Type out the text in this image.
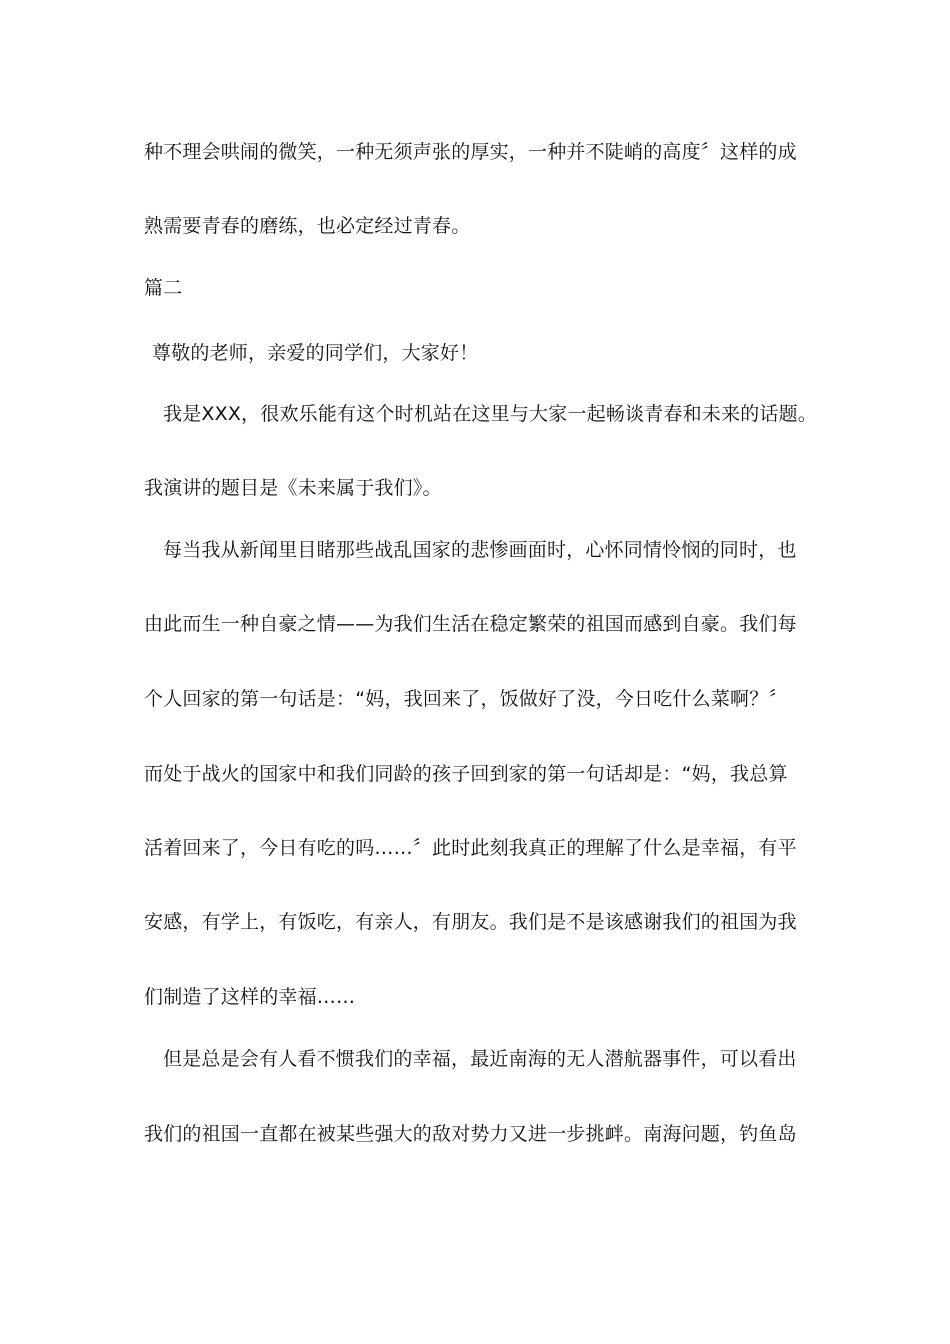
种不理会哄闹的微笑，一种无须声张的厚实，一种并不陡峭的高度〞这样的成
熟需要青春的磨练，也必定经过青春。
篇二
尊敬的老师，亲爱的同学们，大家好！
我是XXX，很欢乐能有这个时机站在这里与大家一起畅谈青春和未来的话题。
我演讲的题目是《未来属于我们》。
每当我从新闻里目睹那些战乱国家的悲惨画面时，心怀同情怜悯的同时，也
由此而生一种自豪之情——为我们生活在稳定繁荣的祖国而感到自豪。我们每
个人回家的第一句话是：“妈，我回来了，饭做好了没，今日吃什么菜啊？〞
而处于战火的国家中和我们同龄的孩子回到家的第一句话却是：“妈，我总算
活着回来了，今日有吃的吗……〞此时此刻我真正的理解了什么是幸福，有平
安感，有学上，有饭吃，有亲人，有朋友。我们是不是该感谢我们的祖国为我
们制造了这样的幸福……
但是总是会有人看不惯我们的幸福，最近南海的无人潜航器事件，可以看出
我们的祖国一直都在被某些强大的敌对势力又进一步挑衅。南海问题，钓鱼岛
